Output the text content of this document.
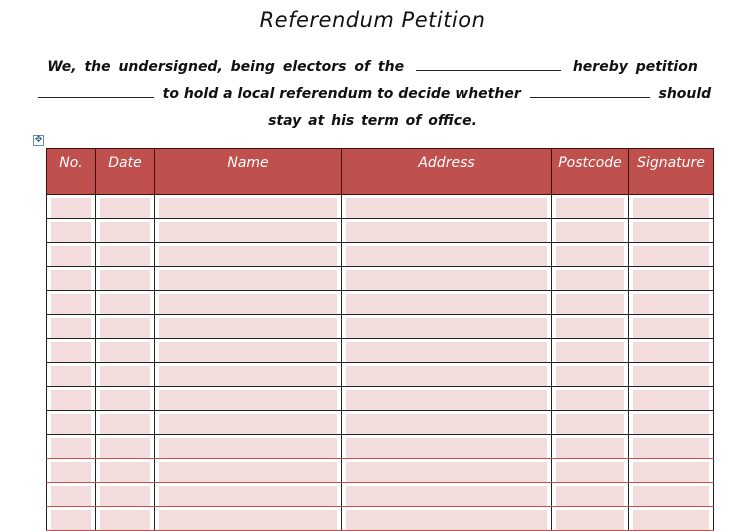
Referendum Petition
We, the undersigned, being electors of the	hereby petition
to hold a local referendum to decide whether	should
stay at his term of office.
✥
No.	Date	Name	Address	Postcode	Signature
